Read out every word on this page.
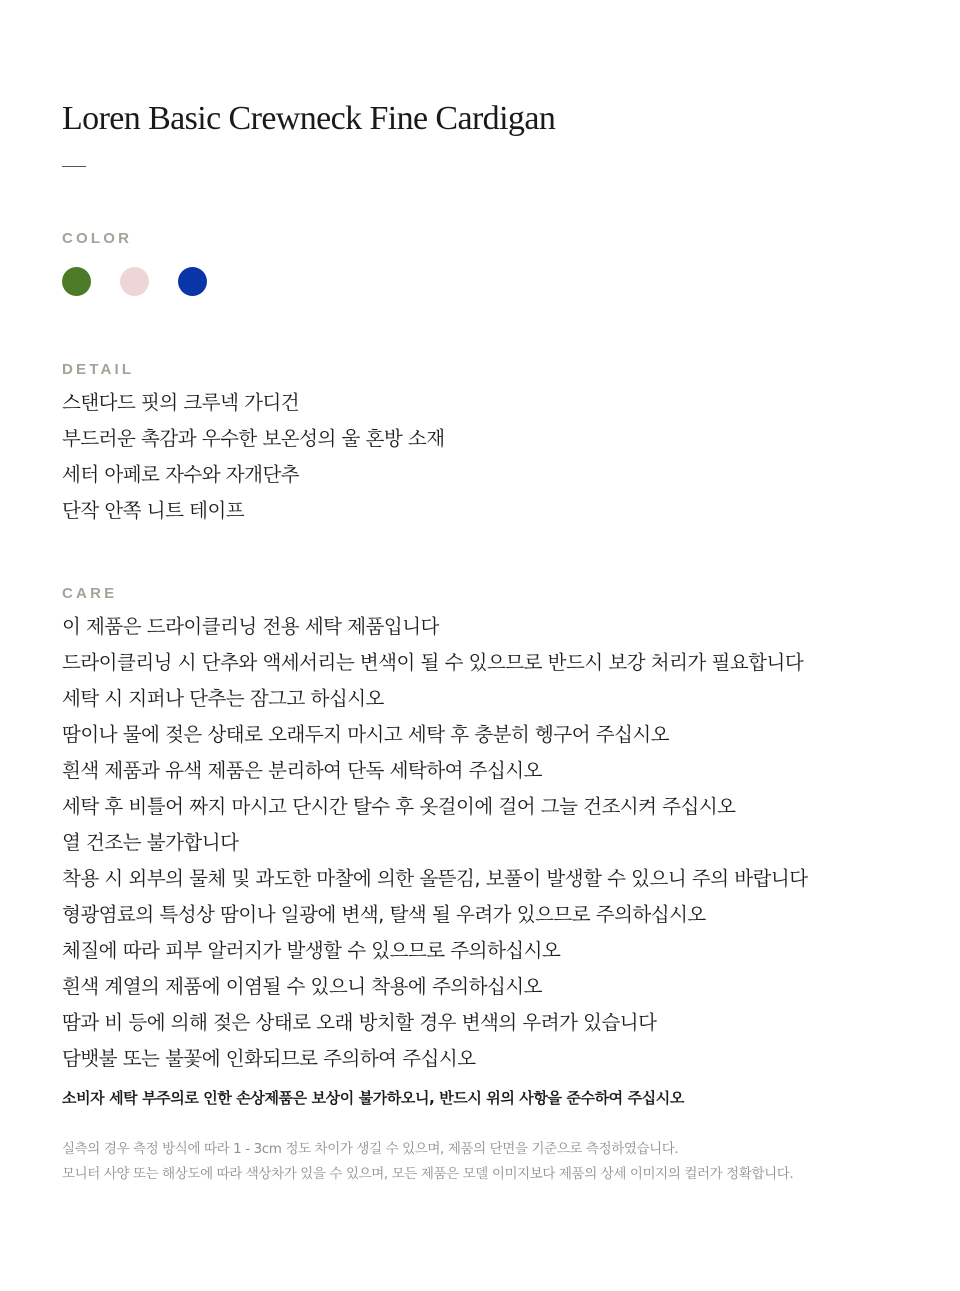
Loren Basic Crewneck Fine Cardigan
COLOR
DETAIL
스탠다드 핏의 크루넥 가디건
부드러운 촉감과 우수한 보온성의 울 혼방 소재
세터 아페로 자수와 자개단추
단작 안쪽 니트 테이프
CARE
이 제품은 드라이클리닝 전용 세탁 제품입니다
드라이클리닝 시 단추와 액세서리는 변색이 될 수 있으므로 반드시 보강 처리가 필요합니다
세탁 시 지퍼나 단추는 잠그고 하십시오
땀이나 물에 젖은 상태로 오래두지 마시고 세탁 후 충분히 헹구어 주십시오
흰색 제품과 유색 제품은 분리하여 단독 세탁하여 주십시오
세탁 후 비틀어 짜지 마시고 단시간 탈수 후 옷걸이에 걸어 그늘 건조시켜 주십시오
열 건조는 불가합니다
착용 시 외부의 물체 및 과도한 마찰에 의한 올뜯김, 보풀이 발생할 수 있으니 주의 바랍니다
형광염료의 특성상 땀이나 일광에 변색, 탈색 될 우려가 있으므로 주의하십시오
체질에 따라 피부 알러지가 발생할 수 있으므로 주의하십시오
흰색 계열의 제품에 이염될 수 있으니 착용에 주의하십시오
땀과 비 등에 의해 젖은 상태로 오래 방치할 경우 변색의 우려가 있습니다
담뱃불 또는 불꽃에 인화되므로 주의하여 주십시오

소비자 세탁 부주의로 인한 손상제품은 보상이 불가하오니, 반드시 위의 사항을 준수하여 주십시오

실측의 경우 측정 방식에 따라 1 - 3cm 정도 차이가 생길 수 있으며, 제품의 단면을 기준으로 측정하였습니다.
모니터 사양 또는 해상도에 따라 색상차가 있을 수 있으며, 모든 제품은 모델 이미지보다 제품의 상세 이미지의 컬러가 정확합니다.
